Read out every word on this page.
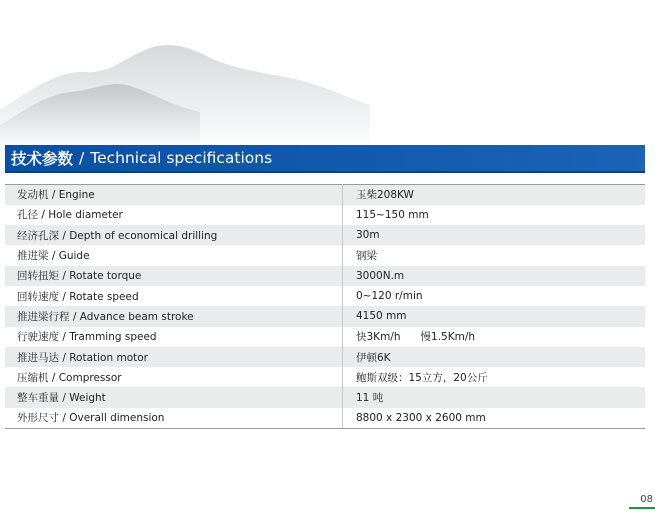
技术参数 / Technical specifications
发动机 / Engine	玉柴208KW
孔径 / Hole diameter	115~150 mm
经济孔深 / Depth of economical drilling	30m
推进梁 / Guide	钢梁
回转扭矩 / Rotate torque	3000N.m
回转速度 / Rotate speed	0~120 r/min
推进梁行程 / Advance beam stroke	4150 mm
行驶速度 / Tramming speed	快3Km/h      慢1.5Km/h
推进马达 / Rotation motor	伊顿6K
压缩机 / Compressor	鲍斯双级：15立方，20公斤
整车重量 / Weight	11 吨
外形尺寸 / Overall dimension	8800 x 2300 x 2600 mm
08
